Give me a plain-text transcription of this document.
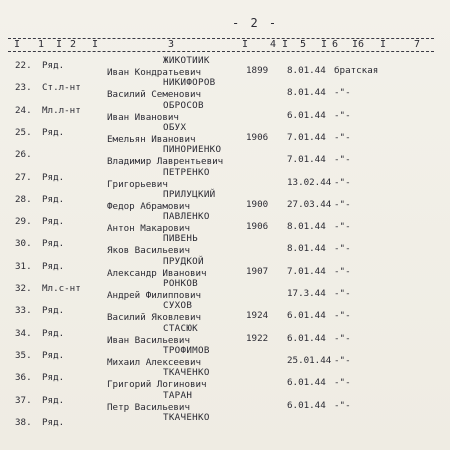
- 2 -
I 1 I 2 I	3	I 4 I 5 I 6 I 6 I	7
22. Ряд.	ЖИКОТИИК
Иван Кондратьевич	1899 8.01.44 братская
23. Ст.л-нт	НИКИФОРОВ
Василий Семенович	8.01.44 -"-
24. Мл.л-нт	ОБРОСОВ
Иван Иванович	6.01.44 -"-
25. Ряд.	ОБУХ
Емельян Иванович	1906 7.01.44 -"-
26.	ПИНОРИЕНКО
Владимир Лаврентьевич	7.01.44 -"-
27. Ряд.	ПЕТРЕНКО
Григорьевич	13.02.44 -"-
28. Ряд.	ПРИЛУЦКИЙ
Федор Абрамович	1900 27.03.44 -"-
29. Ряд.	ПАВЛЕНКО
Антон Макарович	1906 8.01.44 -"-
30. Ряд.	ПИВЕНЬ
Яков Васильевич	8.01.44 -"-
31. Ряд.	ПРУДКОЙ
Александр Иванович	1907 7.01.44 -"-
32. Мл.с-нт	РОНКОВ
Андрей Филиппович	17.3.44 -"-
33. Ряд.	СУХОВ
Василий Яковлевич	1924 6.01.44 -"-
34. Ряд.	СТАСЮК
Иван Васильевич	1922 6.01.44 -"-
35. Ряд.	ТРОФИМОВ
Михаил Алексеевич	25.01.44 -"-
36. Ряд.	ТКАЧЕНКО
Григорий Логинович	6.01.44 -"-
37. Ряд.	ТАРАН
Петр Васильевич	6.01.44 -"-
38. Ряд.	ТКАЧЕНКО
